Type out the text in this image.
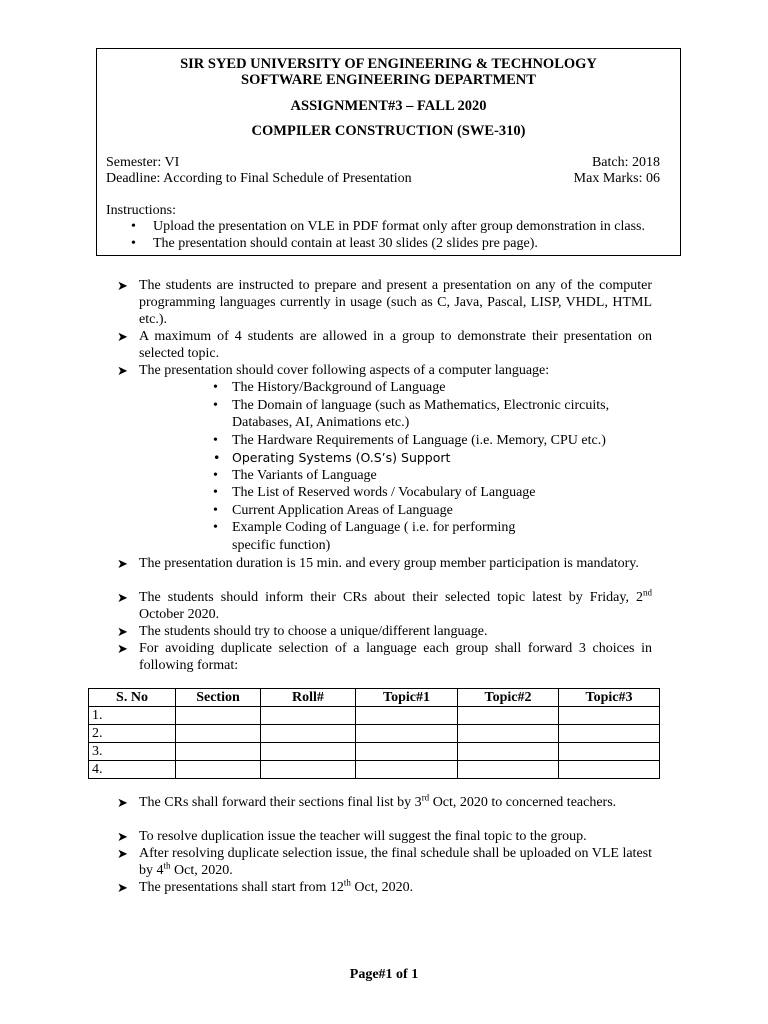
SIR SYED UNIVERSITY OF ENGINEERING & TECHNOLOGY
SOFTWARE ENGINEERING DEPARTMENT
ASSIGNMENT#3 – FALL 2020
COMPILER CONSTRUCTION (SWE-310)
Semester: VI	Batch: 2018
Deadline: According to Final Schedule of Presentation	Max Marks: 06
Instructions:
• Upload the presentation on VLE in PDF format only after group demonstration in class.
• The presentation should contain at least 30 slides (2 slides pre page).
➤ The students are instructed to prepare and present a presentation on any of the computer programming languages currently in usage (such as C, Java, Pascal, LISP, VHDL, HTML etc.).
➤ A maximum of 4 students are allowed in a group to demonstrate their presentation on selected topic.
➤ The presentation should cover following aspects of a computer language:
• The History/Background of Language
• The Domain of language (such as Mathematics, Electronic circuits, Databases, AI, Animations etc.)
• The Hardware Requirements of Language (i.e. Memory, CPU etc.)
• Operating Systems (O.S’s) Support
• The Variants of Language
• The List of Reserved words / Vocabulary of Language
• Current Application Areas of Language
• Example Coding of Language ( i.e. for performing specific function)
➤ The presentation duration is 15 min. and every group member participation is mandatory.
➤ The students should inform their CRs about their selected topic latest by Friday, 2nd October 2020.
➤ The students should try to choose a unique/different language.
➤ For avoiding duplicate selection of a language each group shall forward 3 choices in following format:
S. No	Section	Roll#	Topic#1	Topic#2	Topic#3
1.					
2.					
3.					
4.					
➤ The CRs shall forward their sections final list by 3rd Oct, 2020 to concerned teachers.
➤ To resolve duplication issue the teacher will suggest the final topic to the group.
➤ After resolving duplicate selection issue, the final schedule shall be uploaded on VLE latest by 4th Oct, 2020.
➤ The presentations shall start from 12th Oct, 2020.
Page#1 of 1
